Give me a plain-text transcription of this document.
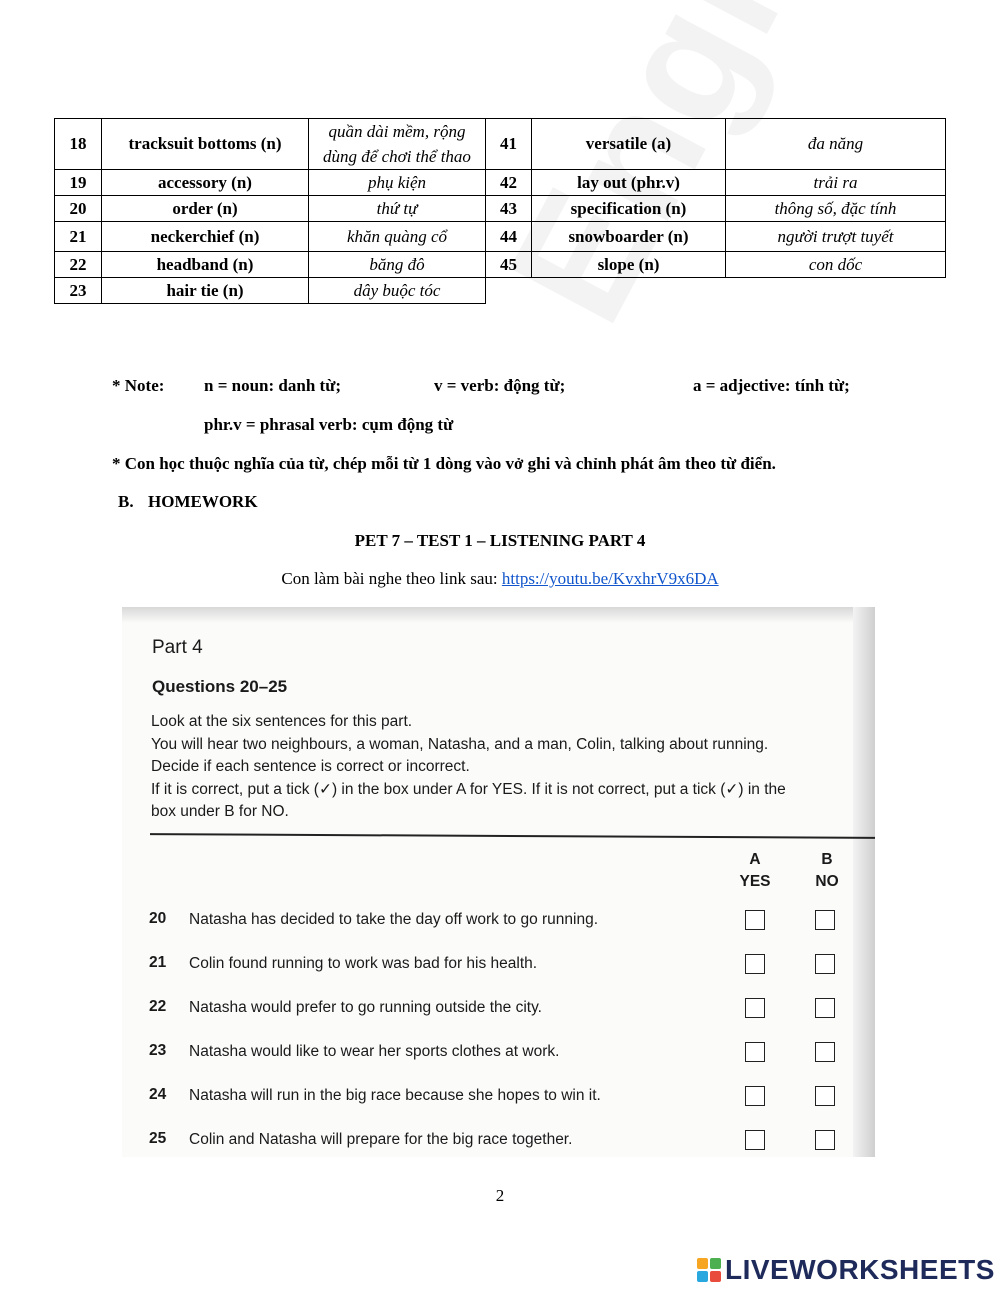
18	tracksuit bottoms (n)	quần dài mềm, rộng dùng để chơi thể thao	41	versatile (a)	đa năng
19	accessory (n)	phụ kiện	42	lay out (phr.v)	trải ra
20	order (n)	thứ tự	43	specification (n)	thông số, đặc tính
21	neckerchief (n)	khăn quàng cổ	44	snowboarder (n)	người trượt tuyết
22	headband (n)	băng đô	45	slope (n)	con dốc
23	hair tie (n)	dây buộc tóc			
* Note: n = noun: danh từ;	v = verb: động từ;	a = adjective: tính từ;
phr.v = phrasal verb: cụm động từ
* Con học thuộc nghĩa của từ, chép mỗi từ 1 dòng vào vở ghi và chỉnh phát âm theo từ điển.
B. HOMEWORK
PET 7 – TEST 1 – LISTENING PART 4
Con làm bài nghe theo link sau: https://youtu.be/KvxhrV9x6DA
Part 4
Questions 20–25
Look at the six sentences for this part.
You will hear two neighbours, a woman, Natasha, and a man, Colin, talking about running.
Decide if each sentence is correct or incorrect.
If it is correct, put a tick (✓) in the box under A for YES. If it is not correct, put a tick (✓) in the
box under B for NO.
A
YES
B
NO
20 Natasha has decided to take the day off work to go running.
21 Colin found running to work was bad for his health.
22 Natasha would prefer to go running outside the city.
23 Natasha would like to wear her sports clothes at work.
24 Natasha will run in the big race because she hopes to win it.
25 Colin and Natasha will prepare for the big race together.
2
LIVEWORKSHEETS
